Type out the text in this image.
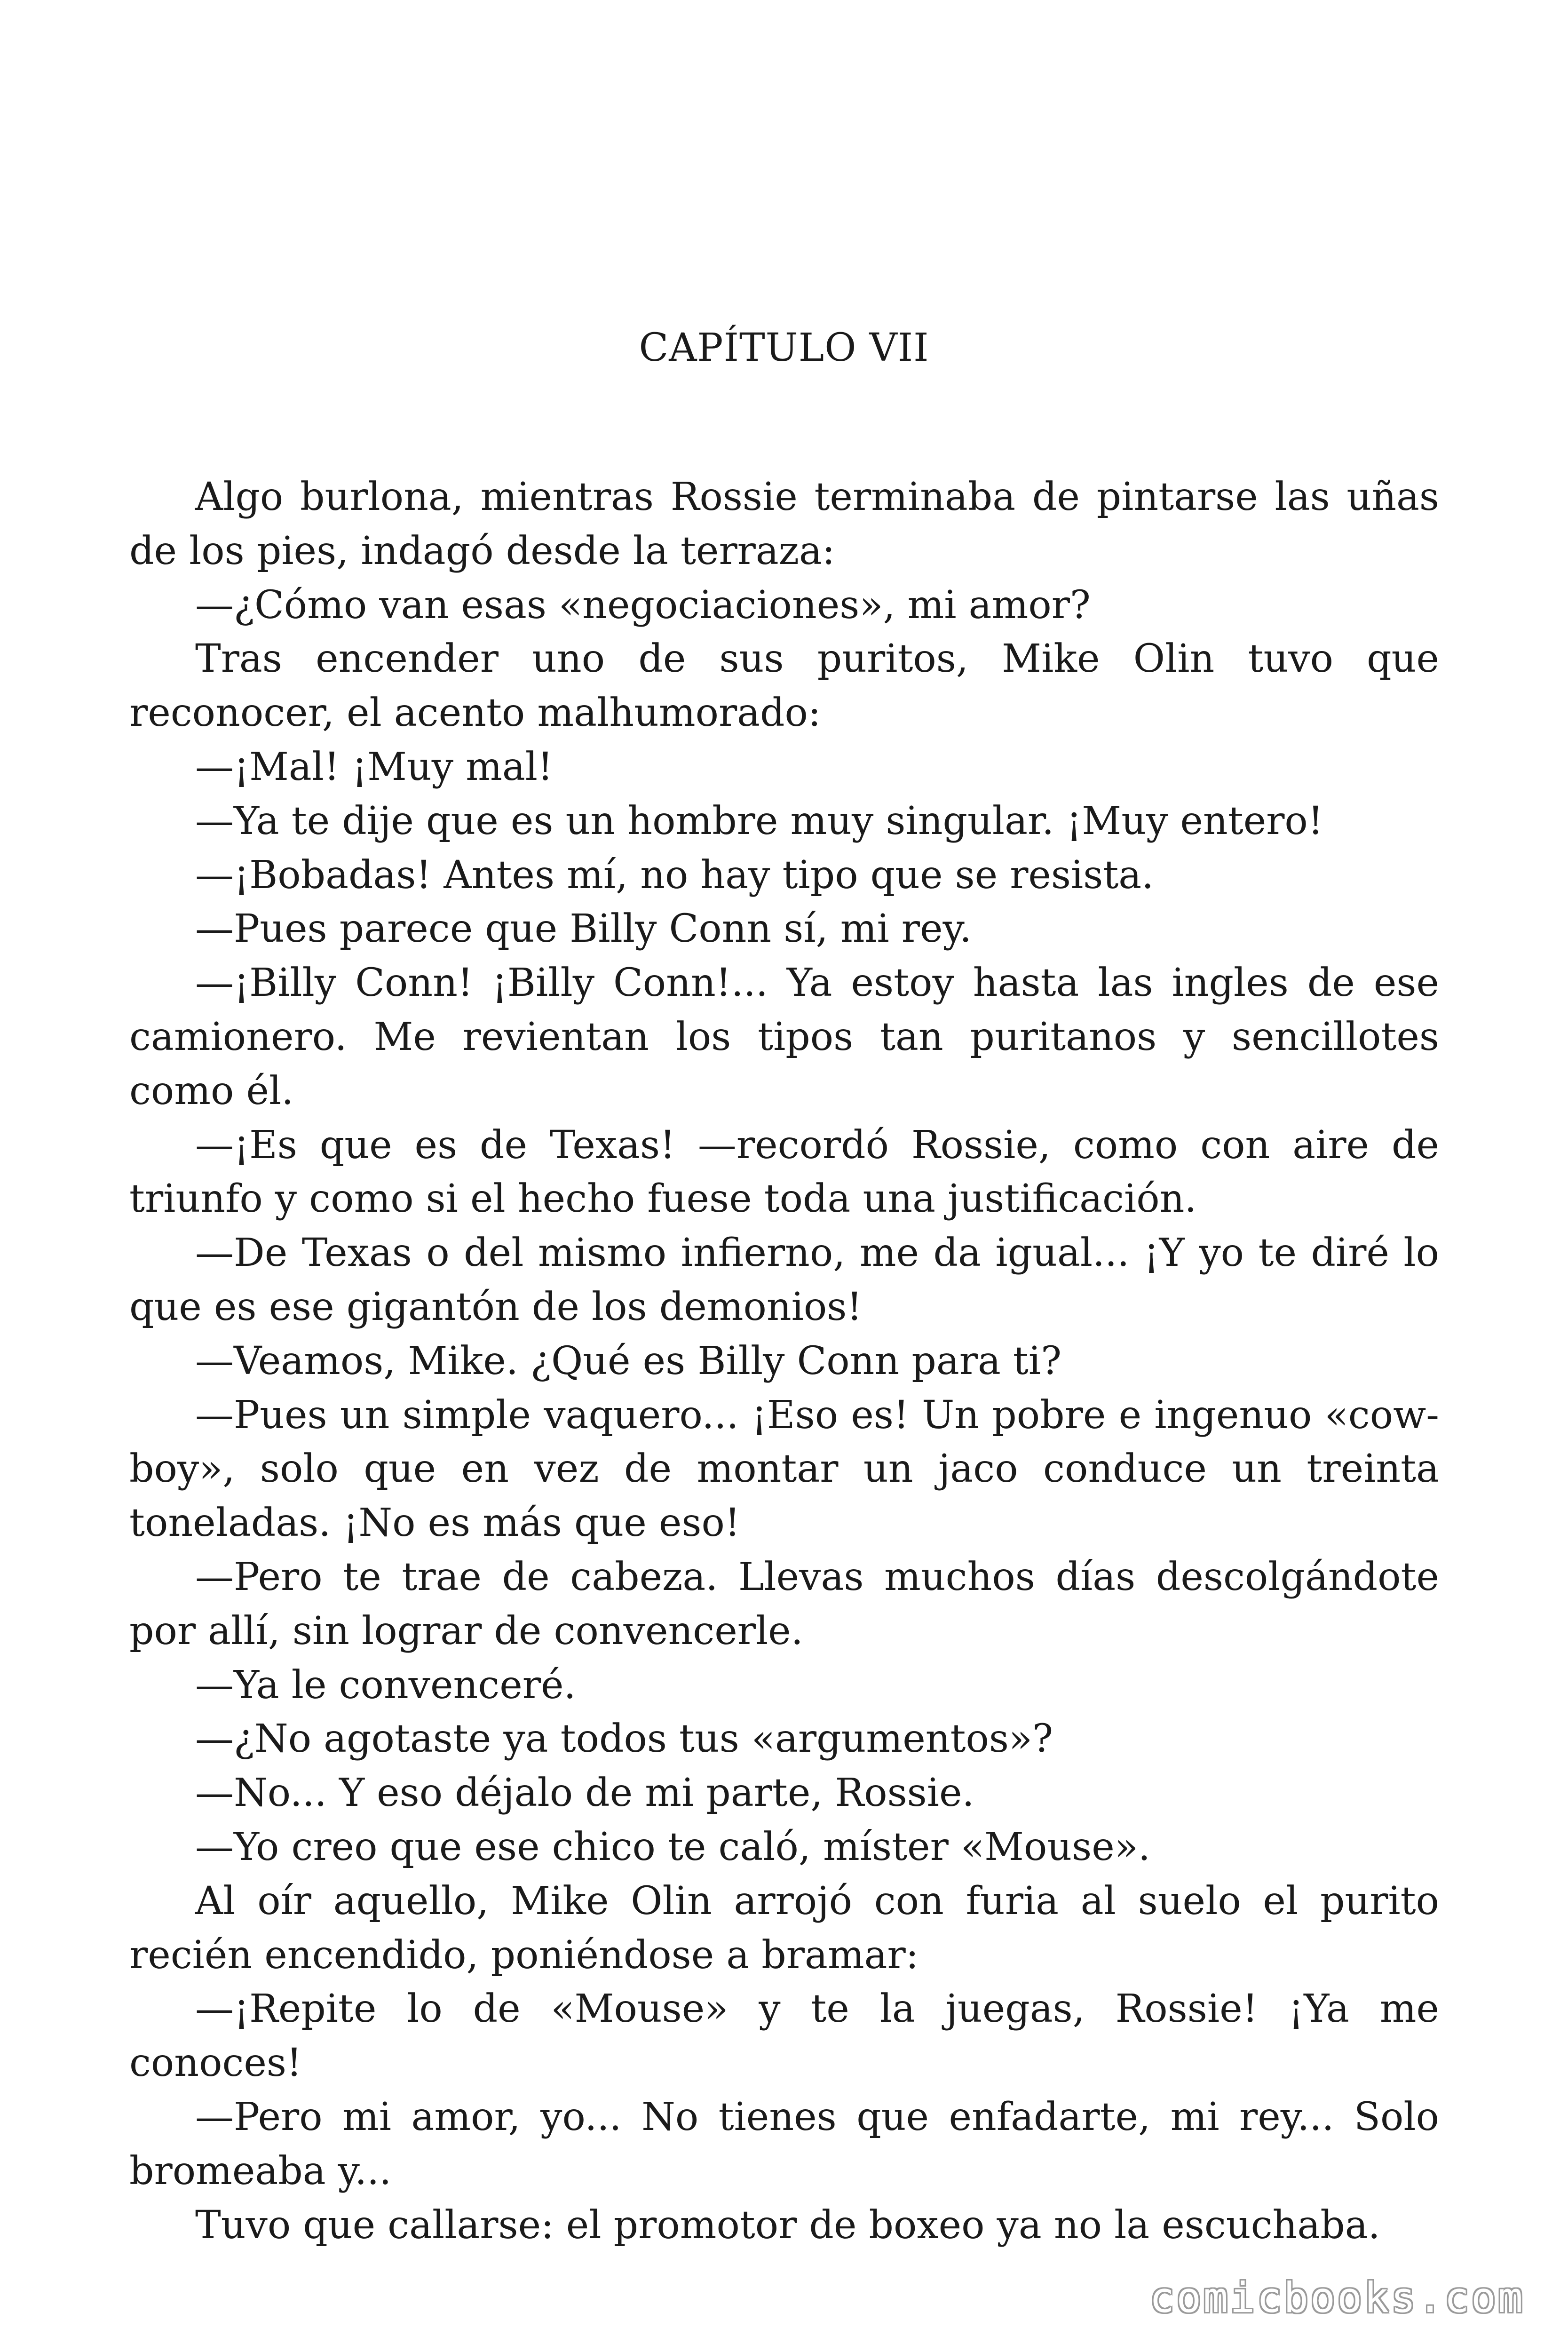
CAPÍTULO VII

Algo burlona, mientras Rossie terminaba de pintarse las uñas de los pies, indagó desde la terraza:

—¿Cómo van esas «negociaciones», mi amor?

Tras encender uno de sus puritos, Mike Olin tuvo que reconocer, el acento malhumorado:

—¡Mal! ¡Muy mal!

—Ya te dije que es un hombre muy singular. ¡Muy entero!

—¡Bobadas! Antes mí, no hay tipo que se resista.

—Pues parece que Billy Conn sí, mi rey.

—¡Billy Conn! ¡Billy Conn!... Ya estoy hasta las ingles de ese camionero. Me revientan los tipos tan puritanos y sencillotes como él.

—¡Es que es de Texas! —recordó Rossie, como con aire de triunfo y como si el hecho fuese toda una justificación.

—De Texas o del mismo infierno, me da igual... ¡Y yo te diré lo que es ese gigantón de los demonios!

—Veamos, Mike. ¿Qué es Billy Conn para ti?

—Pues un simple vaquero... ¡Eso es! Un pobre e ingenuo «cowboy», solo que en vez de montar un jaco conduce un treinta toneladas. ¡No es más que eso!

—Pero te trae de cabeza. Llevas muchos días descolgándote por allí, sin lograr de convencerle.

—Ya le convenceré.

—¿No agotaste ya todos tus «argumentos»?

—No... Y eso déjalo de mi parte, Rossie.

—Yo creo que ese chico te caló, míster «Mouse».

Al oír aquello, Mike Olin arrojó con furia al suelo el purito recién encendido, poniéndose a bramar:

—¡Repite lo de «Mouse» y te la juegas, Rossie! ¡Ya me conoces!

—Pero mi amor, yo... No tienes que enfadarte, mi rey... Solo bromeaba y...

Tuvo que callarse: el promotor de boxeo ya no la escuchaba.

comicbooks.com
